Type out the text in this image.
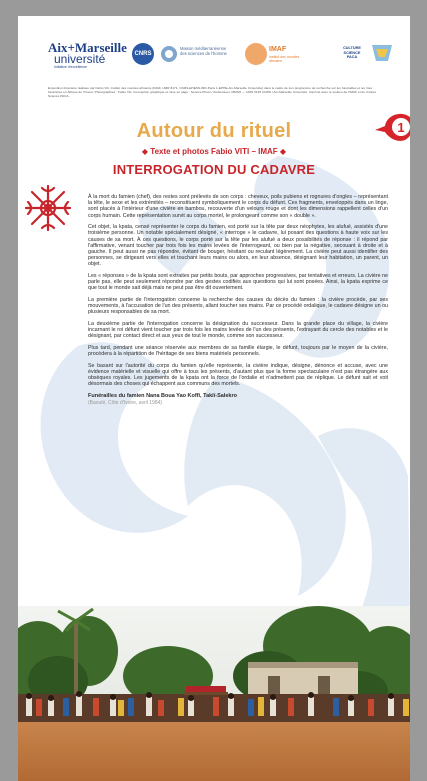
Aix+Marseille
université
Initiative d'excellence
CNRS
Maison méditerranéenne des sciences de l'homme
IMAF
Institut des mondes africains
CULTURE SCIENCE PACA
Exposition itinérante réalisée par Fabio Viti, Institut des mondes africains (IMAF, UMR 8171, CNRS-EHESS-IRD-Paris 1-EPHE-Aix-Marseille Université) dans le cadre de son programme de recherche sur les funérailles et les rites funéraires en Afrique de l'Ouest. Photographies : Fabio Viti. Conception graphique et mise en page : Service Photo / Audiovisuel, MMSH — UMS 3125 CNRS / Aix-Marseille Université. Imprimé avec le soutien de l'IMAF et de Culture Science PACA.
1
Autour du rituel
◆ Texte et photos Fabio VITI – IMAF ◆
INTERROGATION DU CADAVRE

À la mort du famien (chef), des restes sont prélevés de son corps : cheveux, poils pubiens et rognures d'ongles – représentant la tête, le sexe et les extrémités – reconstituent symboliquement le corps du défunt. Ces fragments, enveloppés dans un linge, sont placés à l'intérieur d'une civière en bambou, recouverte d'un velours rouge et dont les dimensions rappellent celles d'un corps humain. Cette représentation survit au corps mortel, le prolongeant comme son « double ».

Cet objet, la kpata, censé représenter le corps du famien, est porté sur la tête par deux néophytes, les alufué, assistés d'une troisième personne. Un notable spécialement désigné, « interroge » le cadavre, lui posant des questions à haute voix sur les causes de sa mort. À ces questions, le corps porté sur la tête par les alufué a deux possibilités de réponse : il répond par l'affirmative, venant toucher par trois fois les mains levées de l'interrogeant, ou bien par la négative, secouant à droite et à gauche. Il peut aussi ne pas répondre, évitant de bouger, hésitant ou reculant légèrement. La civière peut aussi identifier des personnes, se dirigeant vers elles et touchant leurs mains ou alors, en leur absence, désignant leur habitation, un parent, un objet.

Les « réponses » de la kpata sont extraites par petits bouts, par approches progressives, par tentatives et erreurs. La civière ne parle pas, elle peut seulement répondre par des gestes codifiés aux questions qui lui sont posées. Ainsi, la kpata exprime ce que tout le monde sait déjà mais ne peut pas être dit ouvertement.

La première partie de l'interrogation concerne la recherche des causes du décès du famien : la civière procède, par ses mouvements, à l'accusation de l'un des présents, allant toucher ses mains. Par ce procédé ordalique, le cadavre désigne un ou plusieurs responsables de sa mort.

La deuxième partie de l'interrogation concerne la désignation du successeur. Dans la grande place du village, la civière incarnant le roi défunt vient toucher par trois fois les mains levées de l'un des présents, l'extrayant du cercle des notables et le désignant, par contact direct et aux yeux de tout le monde, comme son successeur.

Plus tard, pendant une séance réservée aux membres de sa famille élargie, le défunt, toujours par le moyen de la civière, procèdera à la répartition de l'héritage de ses biens matériels personnels.

Se basant sur l'autorité du corps du famien qu'elle représente, la civière indique, désigne, dénonce et accuse, avec une évidence matérielle et visuelle qui offre à tous les présents, d'autant plus que la forme spectaculaire n'est pas étrangère aux obsèques royales. Les jugements de la kpata ont la force de l'ordalie et n'admettent pas de réplique. Le défunt sait et voit désormais des choses qui échappent aux communs des mortels.

Funérailles du famien Nana Boua Yao Koffi, Takiï-Salekro
(Baoulé, Côte d'Ivoire, avril 1984)
